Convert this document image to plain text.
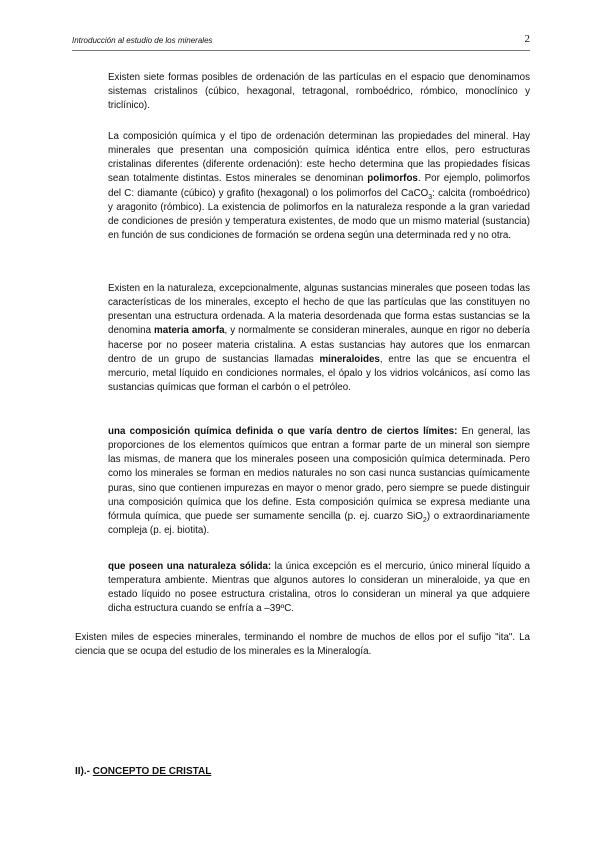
Introducción al estudio de los minerales	2

Existen siete formas posibles de ordenación de las partículas en el espacio que denominamos sistemas cristalinos (cúbico, hexagonal, tetragonal, romboédrico, rómbico, monoclínico y triclínico).

La composición química y el tipo de ordenación determinan las propiedades del mineral. Hay minerales que presentan una composición química idéntica entre ellos, pero estructuras cristalinas diferentes (diferente ordenación): este hecho determina que las propiedades físicas sean totalmente distintas. Estos minerales se denominan polimorfos. Por ejemplo, polimorfos del C: diamante (cúbico) y grafito (hexagonal) o los polimorfos del CaCO$_3$: calcita (romboédrico) y aragonito (rómbico). La existencia de polimorfos en la naturaleza responde a la gran variedad de condiciones de presión y temperatura existentes, de modo que un mismo material (sustancia) en función de sus condiciones de formación se ordena según una determinada red y no otra.

Existen en la naturaleza, excepcionalmente, algunas sustancias minerales que poseen todas las características de los minerales, excepto el hecho de que las partículas que las constituyen no presentan una estructura ordenada. A la materia desordenada que forma estas sustancias se la denomina materia amorfa, y normalmente se consideran minerales, aunque en rigor no debería hacerse por no poseer materia cristalina. A estas sustancias hay autores que los enmarcan dentro de un grupo de sustancias llamadas mineraloides, entre las que se encuentra el mercurio, metal líquido en condiciones normales, el ópalo y los vidrios volcánicos, así como las sustancias químicas que forman el carbón o el petróleo.

una composición química definida o que varía dentro de ciertos límites: En general, las proporciones de los elementos químicos que entran a formar parte de un mineral son siempre las mismas, de manera que los minerales poseen una composición química determinada. Pero como los minerales se forman en medios naturales no son casi nunca sustancias químicamente puras, sino que contienen impurezas en mayor o menor grado, pero siempre se puede distinguir una composición química que los define. Esta composición química se expresa mediante una fórmula química, que puede ser sumamente sencilla (p. ej. cuarzo SiO$_2$) o extraordinariamente compleja (p. ej. biotita).

que poseen una naturaleza sólida: la única excepción es el mercurio, único mineral líquido a temperatura ambiente. Mientras que algunos autores lo consideran un mineraloide, ya que en estado líquido no posee estructura cristalina, otros lo consideran un mineral ya que adquiere dicha estructura cuando se enfría a –39ºC.

Existen miles de especies minerales, terminando el nombre de muchos de ellos por el sufijo "ita". La ciencia que se ocupa del estudio de los minerales es la Mineralogía.

II).- CONCEPTO DE CRISTAL
